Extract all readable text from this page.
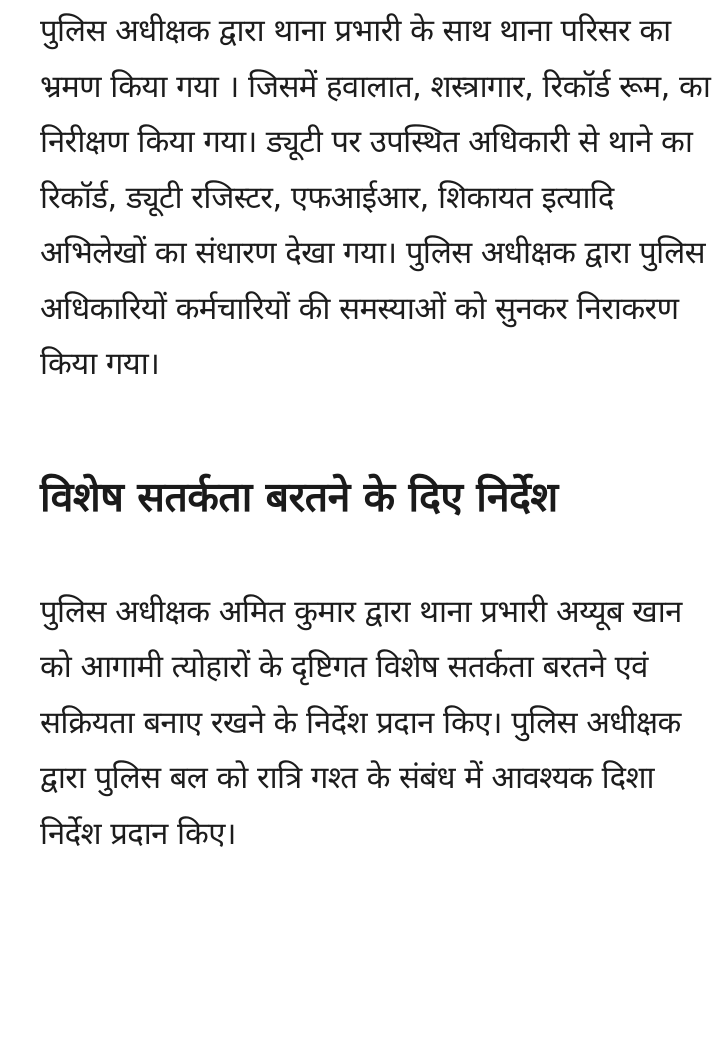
पुलिस अधीक्षक द्वारा थाना प्रभारी के साथ थाना परिसर का भ्रमण किया गया । जिसमें हवालात, शस्त्रागार, रिकॉर्ड रूम, का निरीक्षण किया गया। ड्यूटी पर उपस्थित अधिकारी से थाने का रिकॉर्ड, ड्यूटी रजिस्टर, एफआईआर, शिकायत इत्यादि अभिलेखों का संधारण देखा गया। पुलिस अधीक्षक द्वारा पुलिस अधिकारियों कर्मचारियों की समस्याओं को सुनकर निराकरण किया गया।

विशेष सतर्कता बरतने के दिए निर्देश

पुलिस अधीक्षक अमित कुमार द्वारा थाना प्रभारी अय्यूब खान को आगामी त्योहारों के दृष्टिगत विशेष सतर्कता बरतने एवं सक्रियता बनाए रखने के निर्देश प्रदान किए। पुलिस अधीक्षक द्वारा पुलिस बल को रात्रि गश्त के संबंध में आवश्यक दिशा निर्देश प्रदान किए।
